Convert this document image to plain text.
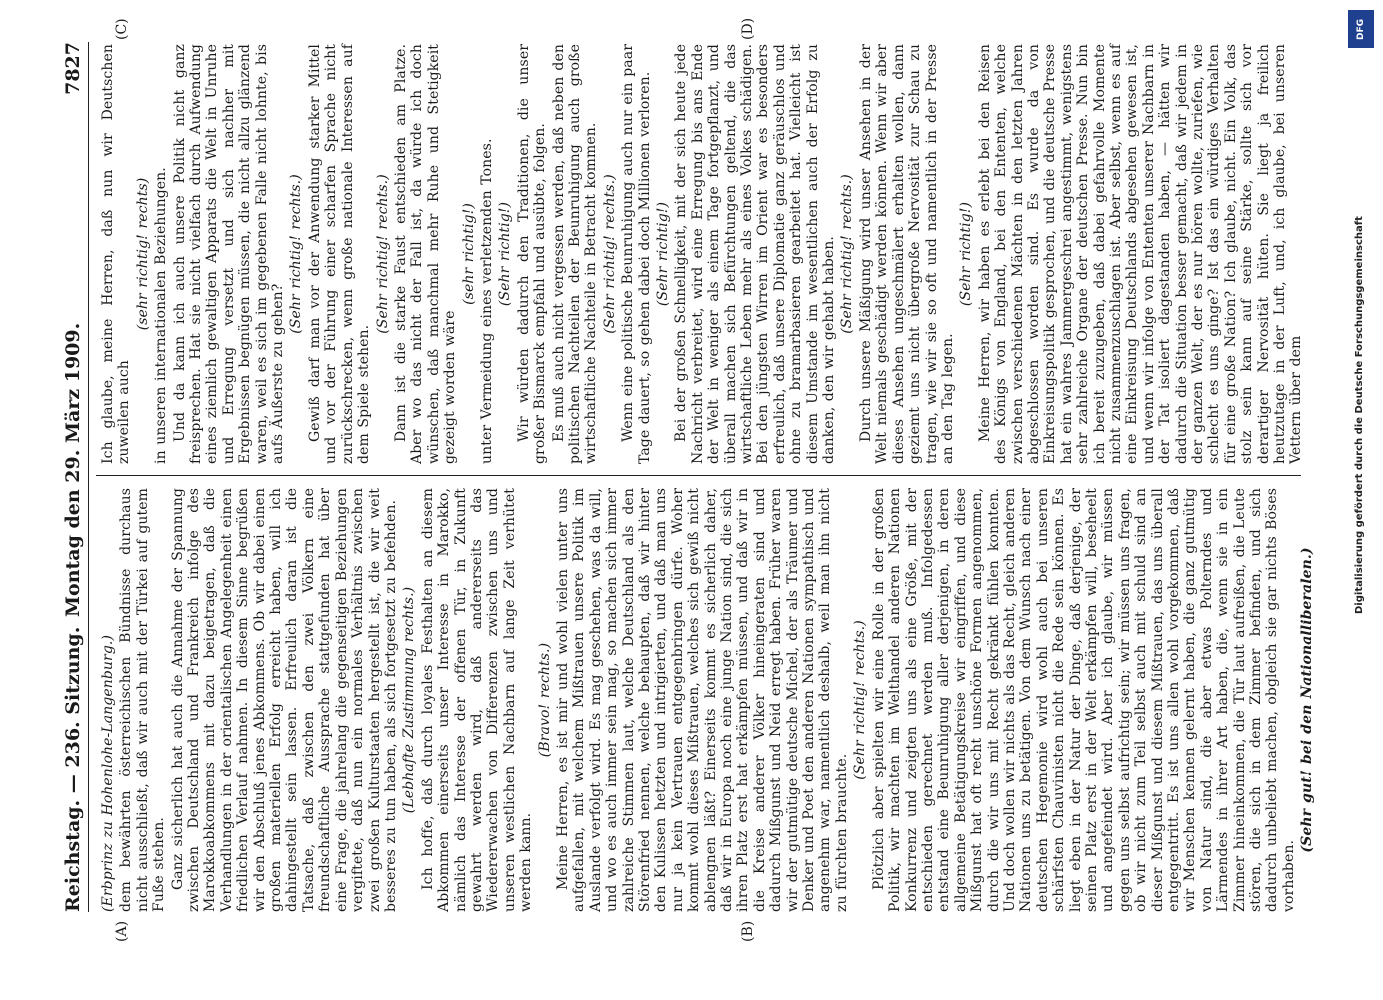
Reichstag. — 236. Sitzung.
Montag den 29. März 1909.
7827
(A)	(B)
(C)	(D)

(Erbprinz zu Hohenlohe-Langenburg.) dem bewährten österreichischen Bündnisse durchaus nicht ausschließt, daß wir auch mit der Türkei auf gutem Fuße stehen. Ganz sicherlich hat auch die Annahme der Spannung zwischen Deutschland und Frankreich infolge des Marokkoabkommens mit dazu beigetragen, daß die Verhandlungen in der orientalischen Angelegenheit einen friedlichen Verlauf nahmen. In diesem Sinne begrüßen wir den Abschluß jenes Abkommens. Ob wir dabei einen großen materiellen Erfolg erreicht haben, will ich dahingestellt sein lassen. Erfreulich daran ist die Tatsache, daß zwischen den zwei Völkern eine freundschaftliche Aussprache stattgefunden hat über eine Frage, die jahrelang die gegenseitigen Beziehungen vergiftete, daß nun ein normales Verhältnis zwischen zwei großen Kulturstaaten hergestellt ist, die wir weit besseres zu tun haben, als sich fortgesetzt zu befehden. (Lebhafte Zustimmung rechts.) Ich hoffe, daß durch loyales Festhalten an diesem Abkommen einerseits unser Interesse in Marokko, nämlich das Interesse der offenen Tür, in Zukunft gewahrt werden wird, daß andererseits das Wiedererwachen von Differenzen zwischen uns und unseren westlichen Nachbarn auf lange Zeit verhütet werden kann.

(Bravo! rechts.) Meine Herren, es ist mir und wohl vielen unter uns aufgefallen, mit welchem Mißtrauen unsere Politik im Auslande verfolgt wird. Es mag geschehen, was da will, und wo es auch immer sein mag, so machen sich immer zahlreiche Stimmen laut, welche Deutschland als den Störenfried nennen, welche behaupten, daß wir hinter den Kulissen hetzten und intrigierten, und daß man uns nur ja kein Vertrauen entgegenbringen dürfe. Woher kommt wohl dieses Mißtrauen, welches sich gewiß nicht ablengnen läßt? Einerseits kommt es sicherlich daher, daß wir in Europa noch eine junge Nation sind, die sich ihren Platz erst hat erkämpfen müssen, und daß wir in die Kreise anderer Völker hineingeraten sind und dadurch Mißgunst und Neid erregt haben. Früher waren wir der gutmütige deutsche Michel, der als Träumer und Denker und Poet den anderen Nationen sympathisch und angenehm war, namentlich deshalb, weil man ihn nicht zu fürchten brauchte.

(Sehr richtig! rechts.) Plötzlich aber spielten wir eine Rolle in der großen Politik, wir machten im Welthandel anderen Nationen Konkurrenz und zeigten uns als eine Größe, mit der entschieden gerechnet werden muß. Infolgedessen entstand eine Beunruhigung aller derjenigen, in deren allgemeine Betätigungskreise wir eingriffen, und diese Mißgunst hat oft recht unschöne Formen angenommen, durch die wir uns mit Recht gekränkt fühlen konnten. Und doch wollen wir nichts als das Recht, gleich anderen Nationen uns zu betätigen. Von dem Wunsch nach einer deutschen Hegemonie wird wohl auch bei unseren schärfsten Chauvinisten nicht die Rede sein können. Es liegt eben in der Natur der Dinge, daß derjenige, der seinen Platz erst in der Welt erkämpfen will, beseheelt und angefeindet wird. Aber ich glaube, wir müssen gegen uns selbst aufrichtig sein; wir müssen uns fragen, ob wir nicht zum Teil selbst auch mit schuld sind an dieser Mißgunst und diesem Mißtrauen, das uns überall entgegentritt. Es ist uns allen wohl vorgekommen, daß wir Menschen kennen gelernt haben, die ganz gutmütig von Natur sind, die aber etwas Polterndes und Lärmendes in ihrer Art haben, die, wenn sie in ein Zimmer hineinkommen, die Tür laut aufreißen, die Leute stören, die sich in dem Zimmer befinden, und sich dadurch unbeliebt machen, obgleich sie gar nichts Böses vorhaben.

(Sehr gut! bei den Nationalliberalen.)

Ich glaube, meine Herren, daß nun wir Deutschen zuweilen auch

(sehr richtig! rechts) in unseren internationalen Beziehungen. Und da kann ich auch unsere Politik nicht ganz freisprechen. Hat sie nicht vielfach durch Aufwendung eines ziemlich gewaltigen Apparats die Welt in Unruhe und Erregung versetzt und sich nachher mit Ergebnissen begnügen müssen, die nicht allzu glänzend waren, weil es sich im gegebenen Falle nicht lohnte, bis aufs Äußerste zu gehen?

(Sehr richtig! rechts.) Gewiß darf man vor der Anwendung starker Mittel und vor der Führung einer scharfen Sprache nicht zurückschrecken, wenn große nationale Interessen auf dem Spiele stehen.

(Sehr richtig! rechts.) Dann ist die starke Faust entschieden am Platze. Aber wo das nicht der Fall ist, da würde ich doch wünschen, daß manchmal mehr Ruhe und Stetigkeit gezeigt worden wäre

(sehr richtig!) unter Vermeidung eines verletzenden Tones. (Sehr richtig!) Wir würden dadurch den Traditionen, die unser großer Bismarck empfahl und ausübte, folgen. Es muß auch nicht vergessen werden, daß neben den politischen Nachteilen der Beunruhigung auch große wirtschaftliche Nachteile in Betracht kommen. (Sehr richtig! rechts.) Wenn eine politische Beunruhigung auch nur ein paar Tage dauert, so gehen dabei doch Millionen verloren. (Sehr richtig!) Bei der großen Schnelligkeit, mit der sich heute jede Nachricht verbreitet, wird eine Erregung bis ans Ende der Welt in weniger als einem Tage fortgepflanzt, und überall machen sich Befürchtungen geltend, die das wirtschaftliche Leben mehr als eines Volkes schädigen. Bei den jüngsten Wirren im Orient war es besonders erfreulich, daß unsere Diplomatie ganz geräuschlos und ohne zu bramarbasieren gearbeitet hat. Vielleicht ist diesem Umstande im wesentlichen auch der Erfolg zu danken, den wir gehabt haben. (Sehr richtig! rechts.) Durch unsere Mäßigung wird unser Ansehen in der Welt niemals geschädigt werden können. Wenn wir aber dieses Ansehen ungeschmälert erhalten wollen, dann geziemt uns nicht übergroße Nervosität zur Schau zu tragen, wie wir sie so oft und namentlich in der Presse an den Tag legen.

(Sehr richtig!) Meine Herren, wir haben es erlebt bei den Reisen des Königs von England, bei den Ententen, welche zwischen verschiedenen Mächten in den letzten Jahren abgeschlossen worden sind. Es wurde da von Einkreisungspolitik gesprochen, und die deutsche Presse hat ein wahres Jammergeschrei angestimmt, wenigstens sehr zahlreiche Organe der deutschen Presse. Nun bin ich bereit zuzugeben, daß dabei gefahrvolle Momente nicht zusammenzuschlagen ist. Aber selbst, wenn es auf eine Einkreisung Deutschlands abgesehen gewesen ist, und wenn wir infolge von Ententen unserer Nachbarn in der Tat isoliert dagestanden haben, — hätten wir dadurch die Situation besser gemacht, daß wir jedem in der ganzen Welt, der es nur hören wollte, zuriefen, wie schlecht es uns ginge? Ist das ein würdiges Verhalten für eine große Nation? Ich glaube, nicht. Ein Volk, das stolz sein kann auf seine Stärke, sollte sich vor derartiger Nervosität hüten. Sie liegt ja freilich heutzutage in der Luft, und, ich glaube, bei unseren Vettern über dem

DFG
Digitalisierung gefördert durch die Deutsche Forschungsgemeinschaft
